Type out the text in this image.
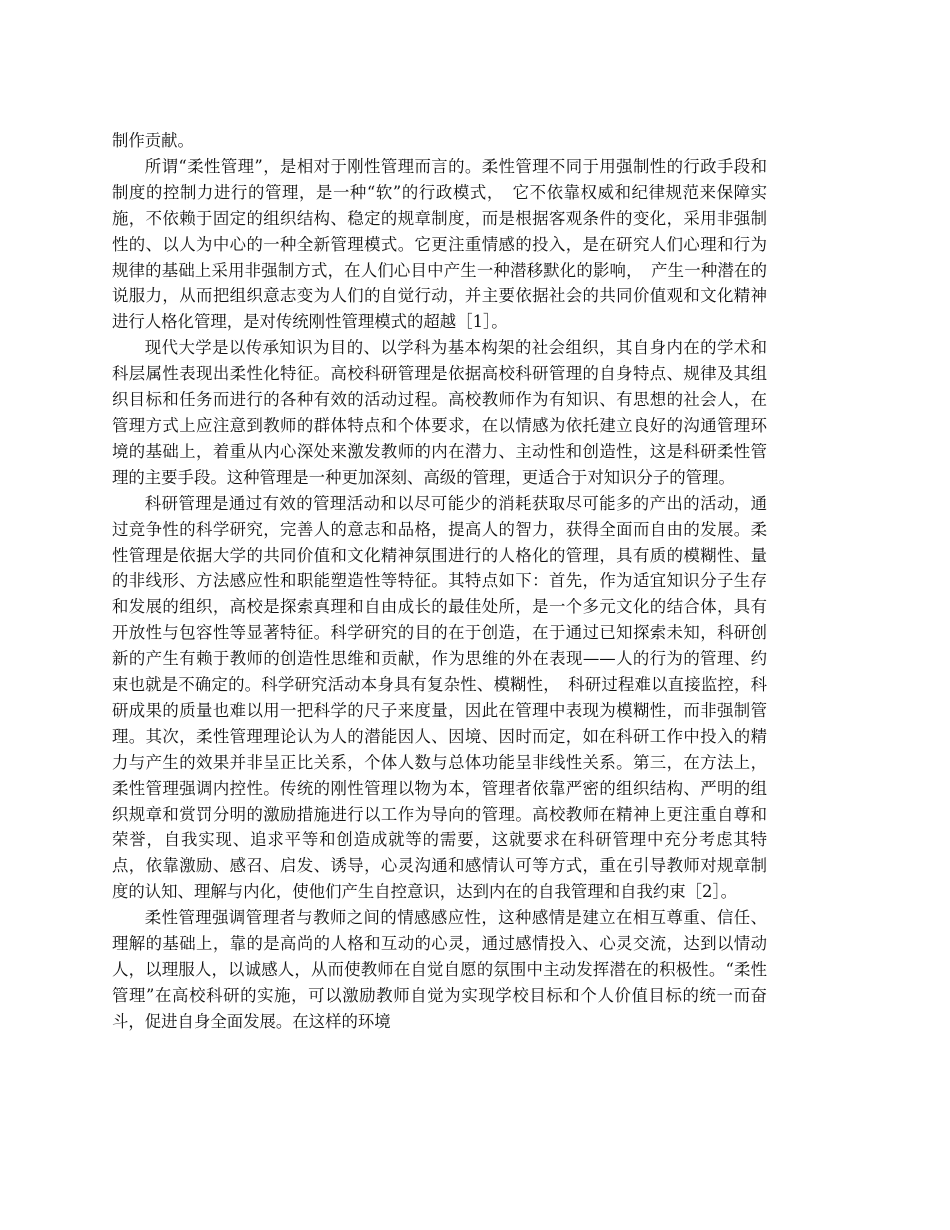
制作贡献。

所谓“柔性管理”，是相对于刚性管理而言的。柔性管理不同于用强制性的行政手段和制度的控制力进行的管理，是一种“软”的行政模式，　它不依靠权威和纪律规范来保障实施，不依赖于固定的组织结构、稳定的规章制度，而是根据客观条件的变化，采用非强制性的、以人为中心的一种全新管理模式。它更注重情感的投入，是在研究人们心理和行为规律的基础上采用非强制方式，在人们心目中产生一种潜移默化的影响，　产生一种潜在的说服力，从而把组织意志变为人们的自觉行动，并主要依据社会的共同价值观和文化精神进行人格化管理，是对传统刚性管理模式的超越［1］。

现代大学是以传承知识为目的、以学科为基本构架的社会组织，其自身内在的学术和科层属性表现出柔性化特征。高校科研管理是依据高校科研管理的自身特点、规律及其组织目标和任务而进行的各种有效的活动过程。高校教师作为有知识、有思想的社会人，在管理方式上应注意到教师的群体特点和个体要求，在以情感为依托建立良好的沟通管理环境的基础上，着重从内心深处来激发教师的内在潜力、主动性和创造性，这是科研柔性管理的主要手段。这种管理是一种更加深刻、高级的管理，更适合于对知识分子的管理。

科研管理是通过有效的管理活动和以尽可能少的消耗获取尽可能多的产出的活动，通过竞争性的科学研究，完善人的意志和品格，提高人的智力，获得全面而自由的发展。柔性管理是依据大学的共同价值和文化精神氛围进行的人格化的管理，具有质的模糊性、量的非线形、方法感应性和职能塑造性等特征。其特点如下：首先，作为适宜知识分子生存和发展的组织，高校是探索真理和自由成长的最佳处所，是一个多元文化的结合体，具有开放性与包容性等显著特征。科学研究的目的在于创造，在于通过已知探索未知，科研创新的产生有赖于教师的创造性思维和贡献，作为思维的外在表现——人的行为的管理、约束也就是不确定的。科学研究活动本身具有复杂性、模糊性，　科研过程难以直接监控，科研成果的质量也难以用一把科学的尺子来度量，因此在管理中表现为模糊性，而非强制管理。其次，柔性管理理论认为人的潜能因人、因境、因时而定，如在科研工作中投入的精力与产生的效果并非呈正比关系，个体人数与总体功能呈非线性关系。第三，在方法上，柔性管理强调内控性。传统的刚性管理以物为本，管理者依靠严密的组织结构、严明的组织规章和赏罚分明的激励措施进行以工作为导向的管理。高校教师在精神上更注重自尊和荣誉，自我实现、追求平等和创造成就等的需要，这就要求在科研管理中充分考虑其特点，依靠激励、感召、启发、诱导，心灵沟通和感情认可等方式，重在引导教师对规章制度的认知、理解与内化，使他们产生自控意识，达到内在的自我管理和自我约束［2］。

柔性管理强调管理者与教师之间的情感感应性，这种感情是建立在相互尊重、信任、理解的基础上，靠的是高尚的人格和互动的心灵，通过感情投入、心灵交流，达到以情动人，以理服人，以诚感人，从而使教师在自觉自愿的氛围中主动发挥潜在的积极性。“柔性管理”在高校科研的实施，可以激励教师自觉为实现学校目标和个人价值目标的统一而奋斗，促进自身全面发展。在这样的环境
